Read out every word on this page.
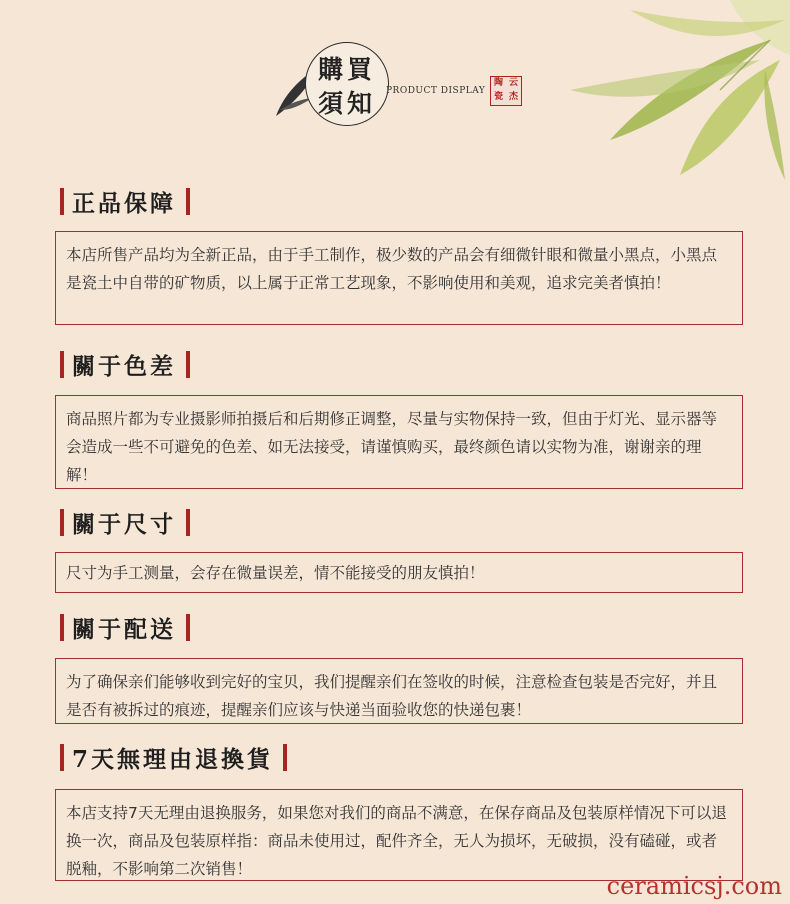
購買
須知 PRODUCT DISPLAY
陶 云
瓷 杰
正品保障
本店所售产品均为全新正品，由于手工制作，极少数的产品会有细微针眼和微量小黑点，小黑点是瓷土中自带的矿物质，以上属于正常工艺现象，不影响使用和美观，追求完美者慎拍！
關于色差
商品照片都为专业摄影师拍摄后和后期修正调整，尽量与实物保持一致，但由于灯光、显示器等会造成一些不可避免的色差、如无法接受，请谨慎购买，最终颜色请以实物为准，谢谢亲的理解！
關于尺寸
尺寸为手工测量，会存在微量误差，情不能接受的朋友慎拍！
關于配送
为了确保亲们能够收到完好的宝贝，我们提醒亲们在签收的时候，注意检查包装是否完好，并且是否有被拆过的痕迹，提醒亲们应该与快递当面验收您的快递包裹！
7天無理由退換貨
本店支持7天无理由退换服务，如果您对我们的商品不满意，在保存商品及包装原样情况下可以退换一次，商品及包装原样指：商品未使用过，配件齐全，无人为损坏，无破损，没有磕碰，或者脱釉，不影响第二次销售！
ceramicsj.com
